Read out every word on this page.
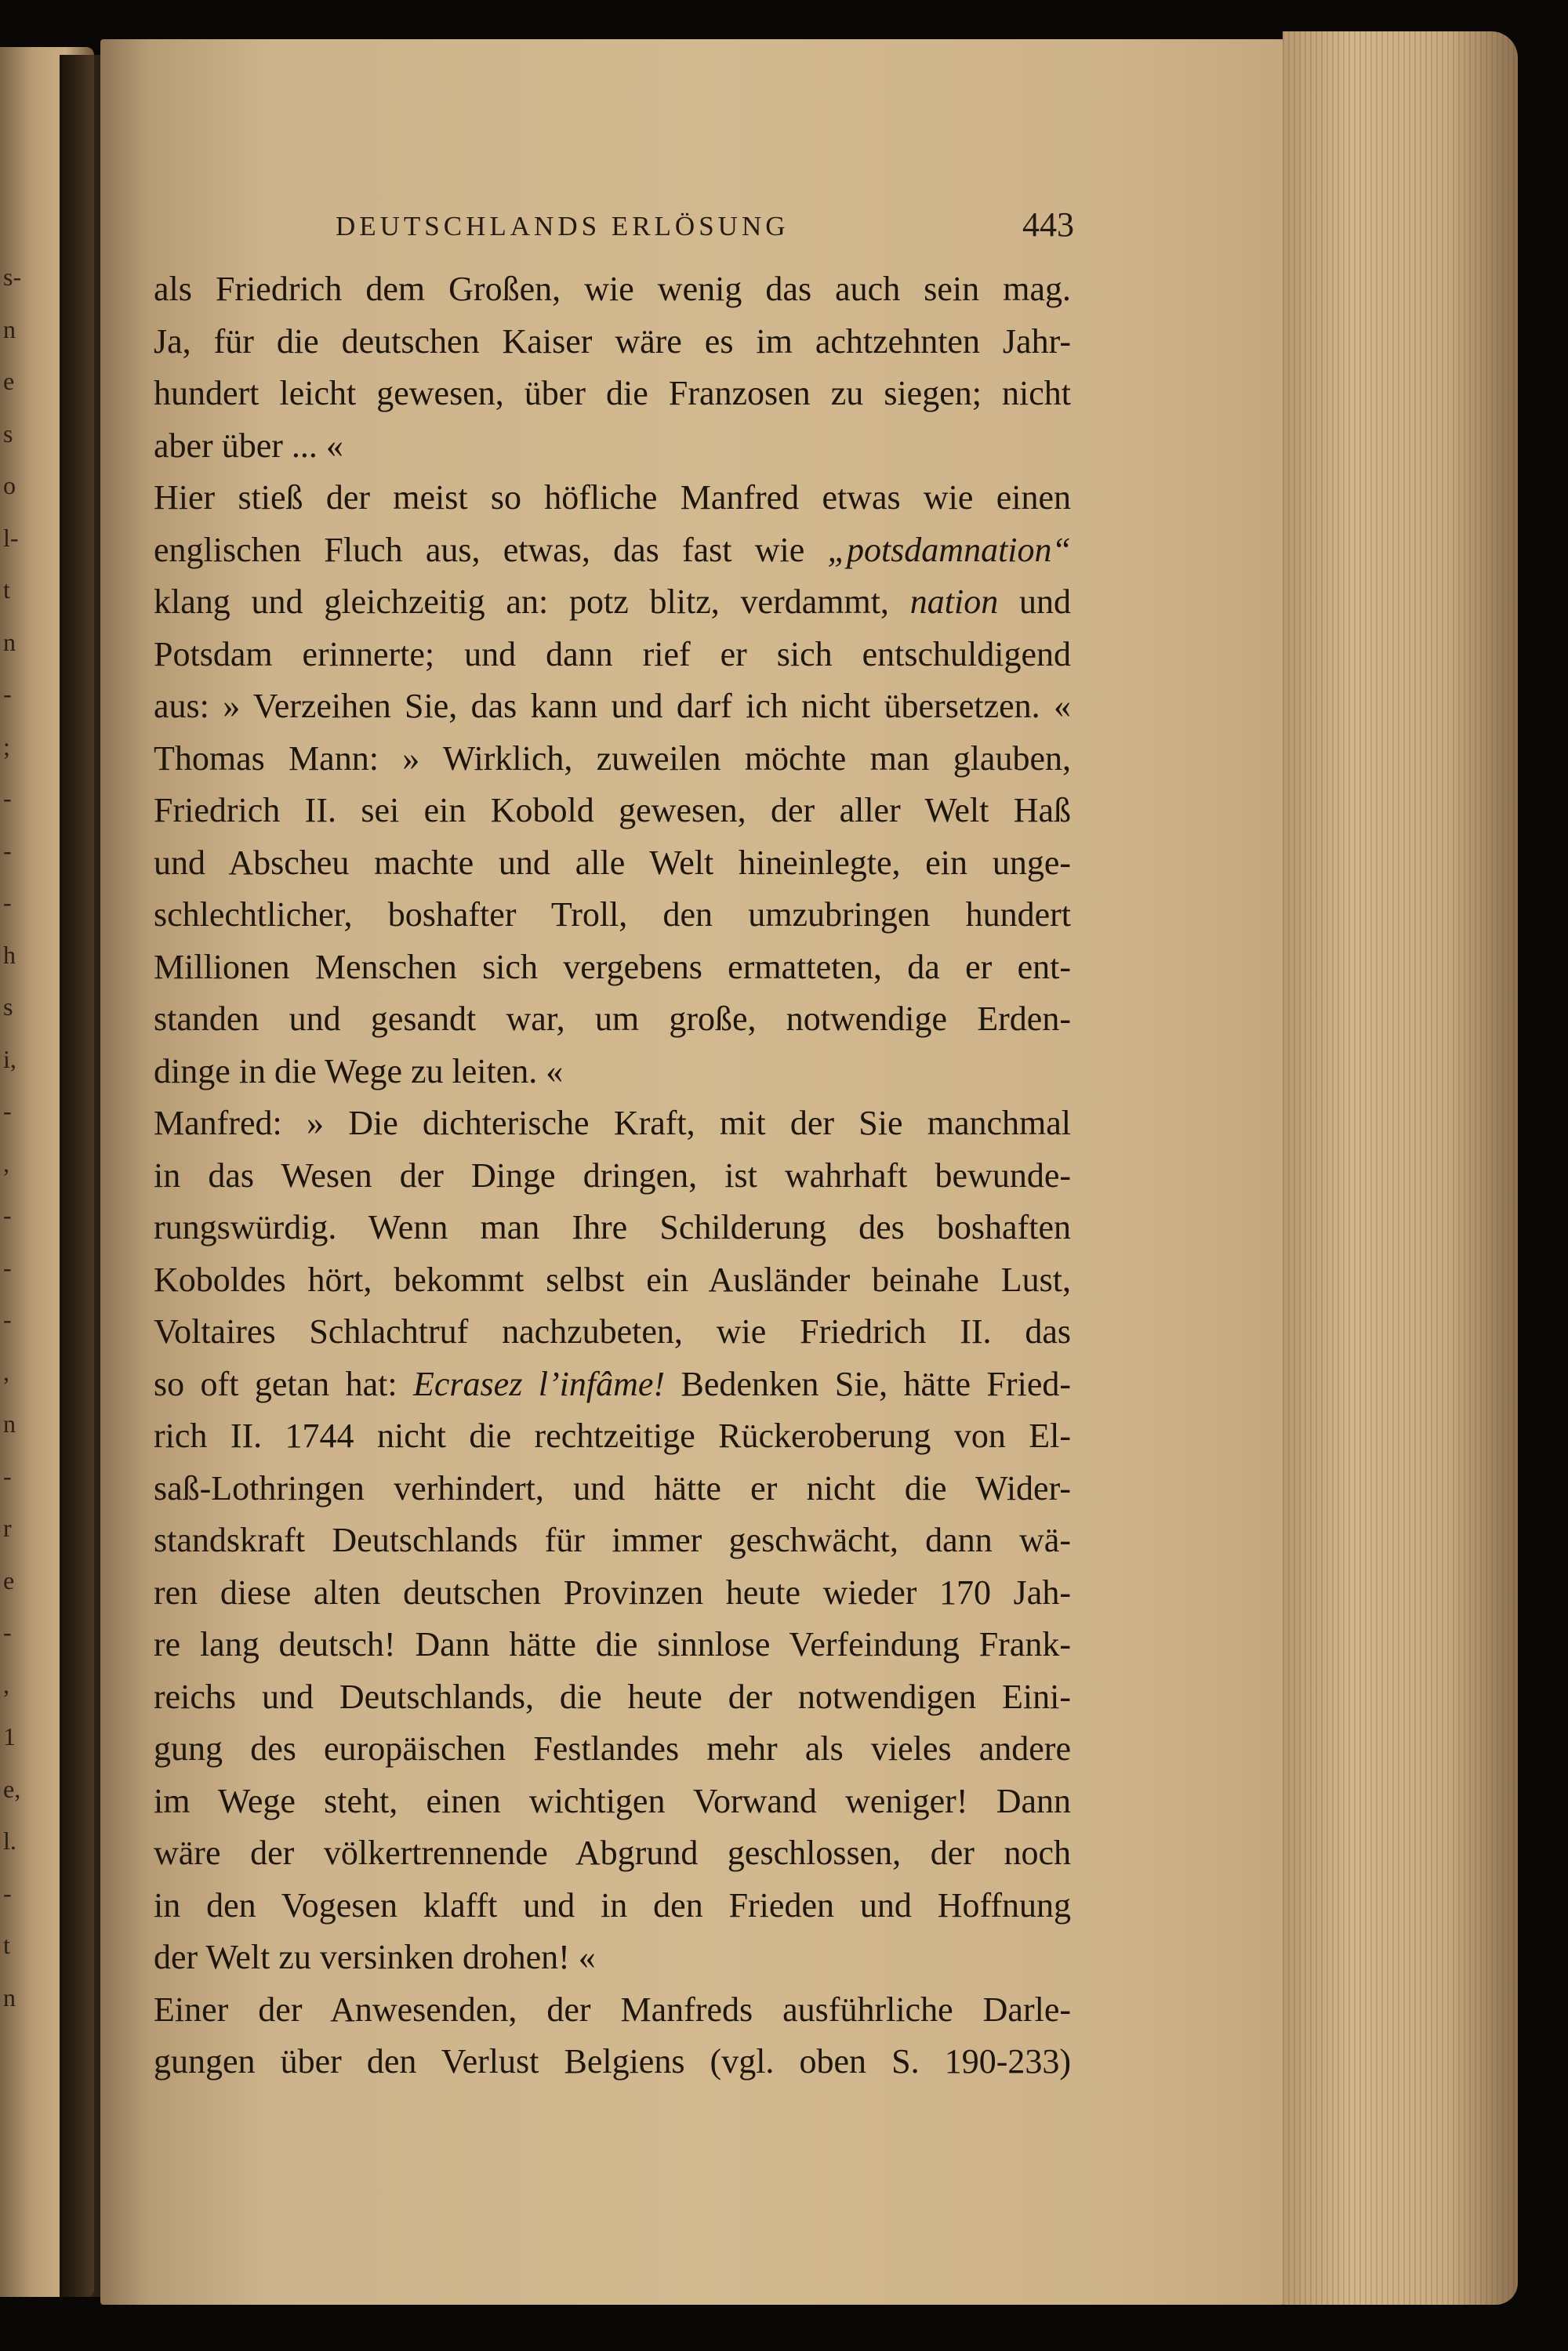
s-
n
e
s
o
l-
t
n
-
;
-
-
-
h
s
i,
-
,
-
-
-
,
n
-
r
e
-
,
1
e,
l.
-
t
n
DEUTSCHLANDS ERLÖSUNG	443
als Friedrich dem Großen, wie wenig das auch sein mag.
Ja, für die deutschen Kaiser wäre es im achtzehnten Jahr-
hundert leicht gewesen, über die Franzosen zu siegen; nicht
aber über ... «
Hier stieß der meist so höfliche Manfred etwas wie einen
englischen Fluch aus, etwas, das fast wie „potsdamnation“
klang und gleichzeitig an: potz blitz, verdammt, nation und
Potsdam erinnerte; und dann rief er sich entschuldigend
aus: » Verzeihen Sie, das kann und darf ich nicht übersetzen. «
Thomas Mann: » Wirklich, zuweilen möchte man glauben,
Friedrich II. sei ein Kobold gewesen, der aller Welt Haß
und Abscheu machte und alle Welt hineinlegte, ein unge-
schlechtlicher, boshafter Troll, den umzubringen hundert
Millionen Menschen sich vergebens ermatteten, da er ent-
standen und gesandt war, um große, notwendige Erden-
dinge in die Wege zu leiten. «
Manfred: » Die dichterische Kraft, mit der Sie manchmal
in das Wesen der Dinge dringen, ist wahrhaft bewunde-
rungswürdig. Wenn man Ihre Schilderung des boshaften
Koboldes hört, bekommt selbst ein Ausländer beinahe Lust,
Voltaires Schlachtruf nachzubeten, wie Friedrich II. das
so oft getan hat: Ecrasez l’infâme! Bedenken Sie, hätte Fried-
rich II. 1744 nicht die rechtzeitige Rückeroberung von El-
saß-Lothringen verhindert, und hätte er nicht die Wider-
standskraft Deutschlands für immer geschwächt, dann wä-
ren diese alten deutschen Provinzen heute wieder 170 Jah-
re lang deutsch! Dann hätte die sinnlose Verfeindung Frank-
reichs und Deutschlands, die heute der notwendigen Eini-
gung des europäischen Festlandes mehr als vieles andere
im Wege steht, einen wichtigen Vorwand weniger! Dann
wäre der völkertrennende Abgrund geschlossen, der noch
in den Vogesen klafft und in den Frieden und Hoffnung
der Welt zu versinken drohen! «
Einer der Anwesenden, der Manfreds ausführliche Darle-
gungen über den Verlust Belgiens (vgl. oben S. 190-233)
